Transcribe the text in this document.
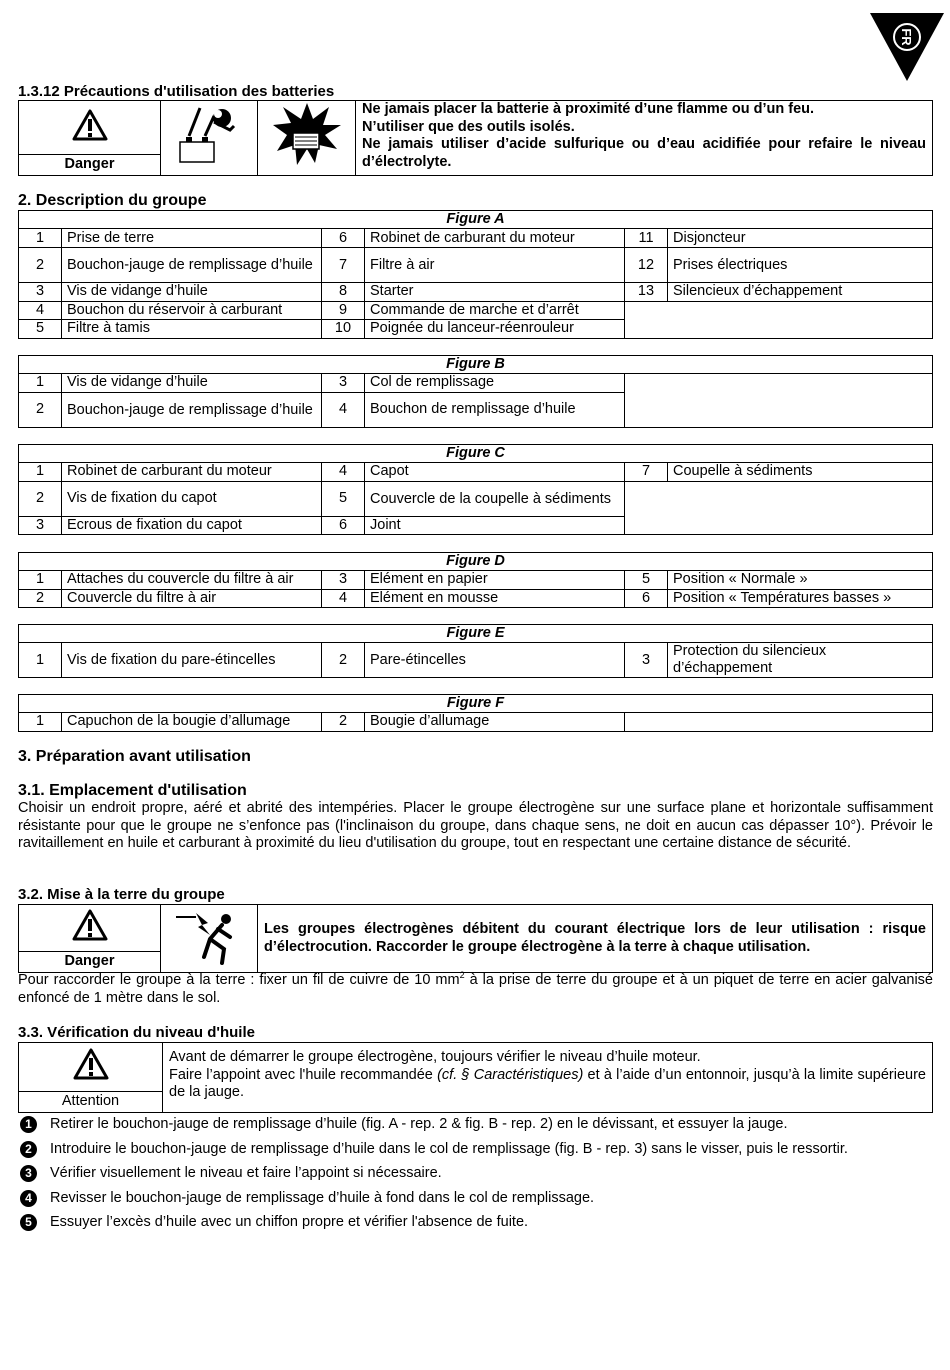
FR
1.3.12 Précautions d'utilisation des batteries

Ne jamais placer la batterie à proximité d’une flamme ou d’un feu.
N’utiliser que des outils isolés.
Ne jamais utiliser d’acide sulfurique ou d’eau acidifiée pour refaire le niveau d’électrolyte.

Danger
2. Description du groupe
Figure A					
1	Prise de terre	6	Robinet de carburant du moteur	11	Disjoncteur
2	Bouchon-jauge de remplissage d’huile	7	Filtre à air	12	Prises électriques
3	Vis de vidange d’huile	8	Starter	13	Silencieux d’échappement
4	Bouchon du réservoir à carburant	9	Commande de marche et d’arrêt		
5	Filtre à tamis	10	Poignée du lanceur-réenrouleur		
Figure B				
1	Vis de vidange d’huile	3	Col de remplissage	
2	Bouchon-jauge de remplissage d’huile	4	Bouchon de remplissage d’huile	
Figure C					
1	Robinet de carburant du moteur	4	Capot	7	Coupelle à sédiments
2	Vis de fixation du capot	5	Couvercle de la coupelle à sédiments		
3	Ecrous de fixation du capot	6	Joint		
Figure D					
1	Attaches du couvercle du filtre à air	3	Elément en papier	5	Position « Normale »
2	Couvercle du filtre à air	4	Elément en mousse	6	Position « Températures basses »
Figure E
1	Vis de fixation du pare-étincelles	2	Pare-étincelles	3	Protection du silencieux d’échappement
Figure F
1	Capuchon de la bougie d’allumage	2	Bougie d’allumage	
3. Préparation avant utilisation
3.1. Emplacement d'utilisation

Choisir un endroit propre, aéré et abrité des intempéries. Placer le groupe électrogène sur une surface plane et horizontale suffisamment résistante pour que le groupe ne s’enfonce pas (l'inclinaison du groupe, dans chaque sens, ne doit en aucun cas dépasser 10°). Prévoir le ravitaillement en huile et carburant à proximité du lieu d'utilisation du groupe, tout en respectant une certaine distance de sécurité.

3.2. Mise à la terre du groupe

Les groupes électrogènes débitent du courant électrique lors de leur utilisation : risque d’électrocution. Raccorder le groupe électrogène à la terre à chaque utilisation.

Danger

Pour raccorder le groupe à la terre : fixer un fil de cuivre de 10 $mm^2$ à la prise de terre du groupe et à un piquet de terre en acier galvanisé enfoncé de 1 mètre dans le sol.

3.3. Vérification du niveau d'huile

Avant de démarrer le groupe électrogène, toujours vérifier le niveau d’huile moteur.
Faire l’appoint avec l'huile recommandée (cf. § Caractéristiques) et à l’aide d’un entonnoir, jusqu’à la limite supérieure de la jauge.

Attention
1	Retirer le bouchon-jauge de remplissage d’huile (fig. A - rep. 2 & fig. B - rep. 2) en le dévissant, et essuyer la jauge.
2	Introduire le bouchon-jauge de remplissage d’huile dans le col de remplissage (fig. B - rep. 3) sans le visser, puis le ressortir.
3	Vérifier visuellement le niveau et faire l’appoint si nécessaire.
4	Revisser le bouchon-jauge de remplissage d’huile à fond dans le col de remplissage.
5	Essuyer l’excès d’huile avec un chiffon propre et vérifier l'absence de fuite.
